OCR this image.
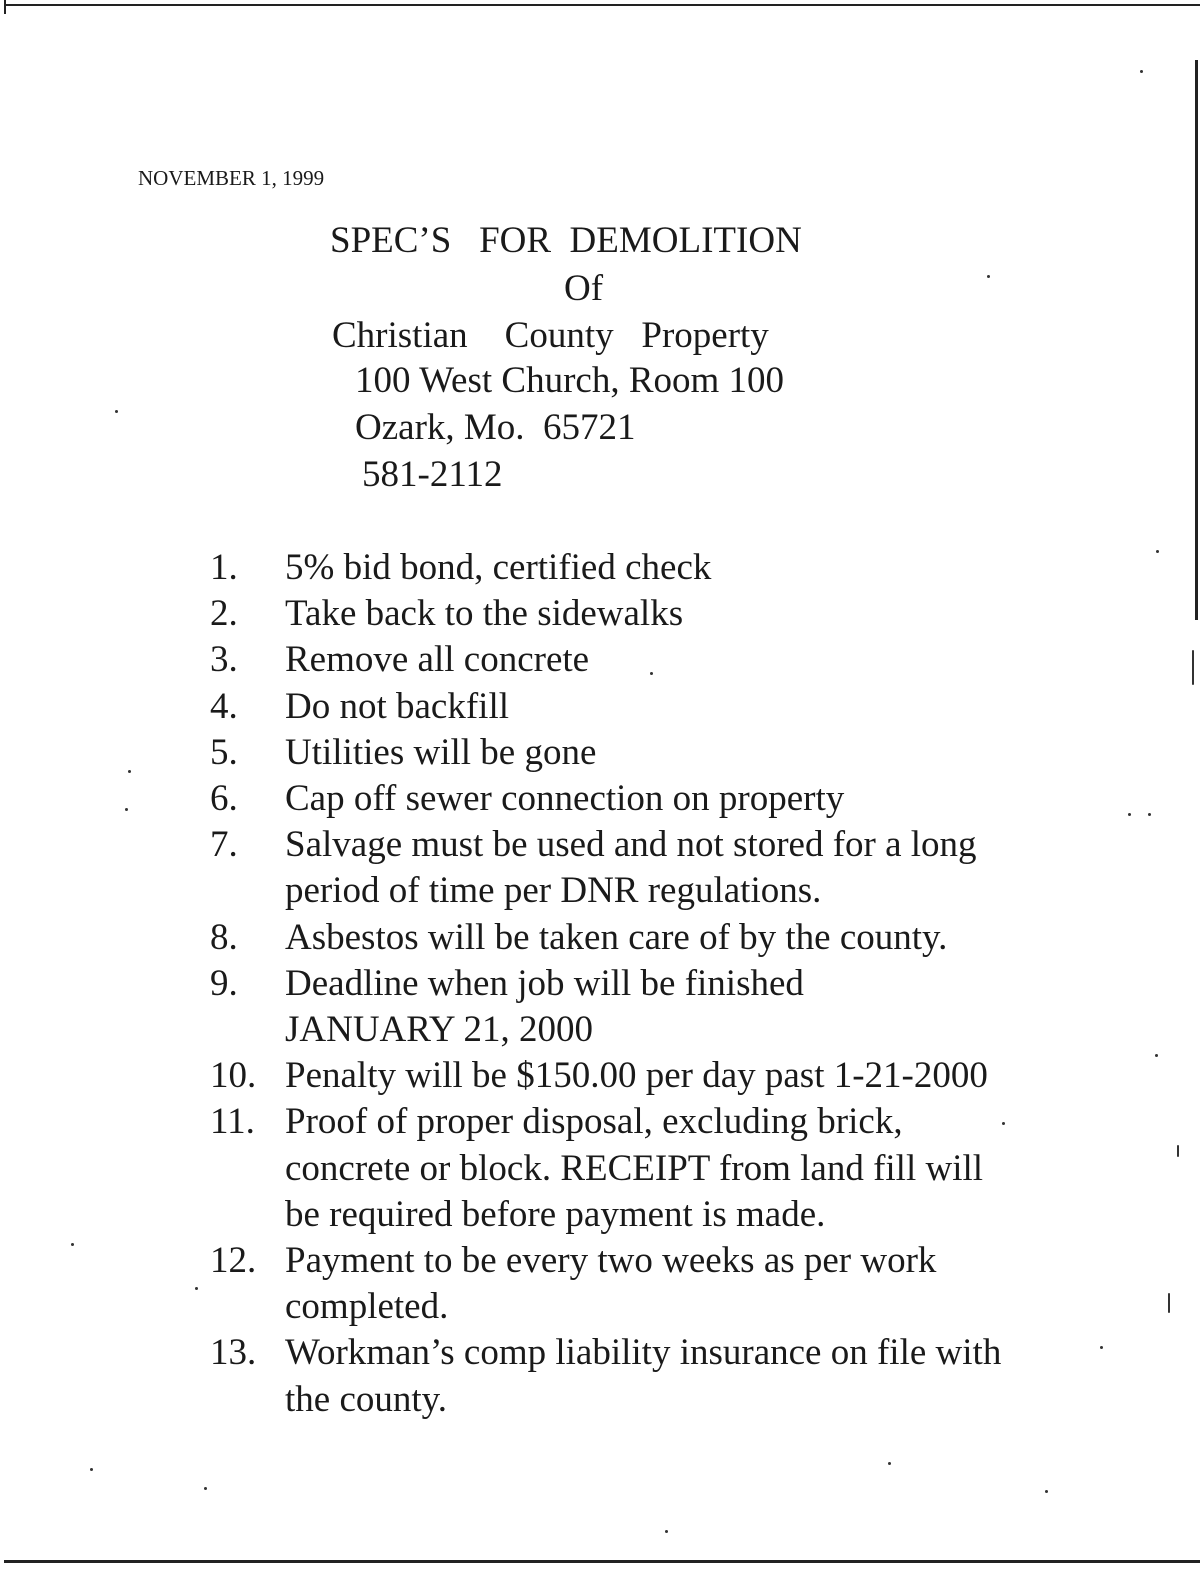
NOVEMBER 1, 1999
SPEC’S   FOR  DEMOLITION
Of
Christian    County   Property
100 West Church, Room 100
Ozark, Mo.  65721
581-2112
1.	5% bid bond, certified check
2.	Take back to the sidewalks
3.	Remove all concrete
4.	Do not backfill
5.	Utilities will be gone
6.	Cap off sewer connection on property
7.	Salvage must be used and not stored for a long
period of time per DNR regulations.
8.	Asbestos will be taken care of by the county.
9.	Deadline when job will be finished
JANUARY 21, 2000
10. Penalty will be $150.00 per day past 1-21-2000
11. Proof of proper disposal, excluding brick,
concrete or block. RECEIPT from land fill will
be required before payment is made.
12. Payment to be every two weeks as per work
completed.
13. Workman’s comp liability insurance on file with
the county.
